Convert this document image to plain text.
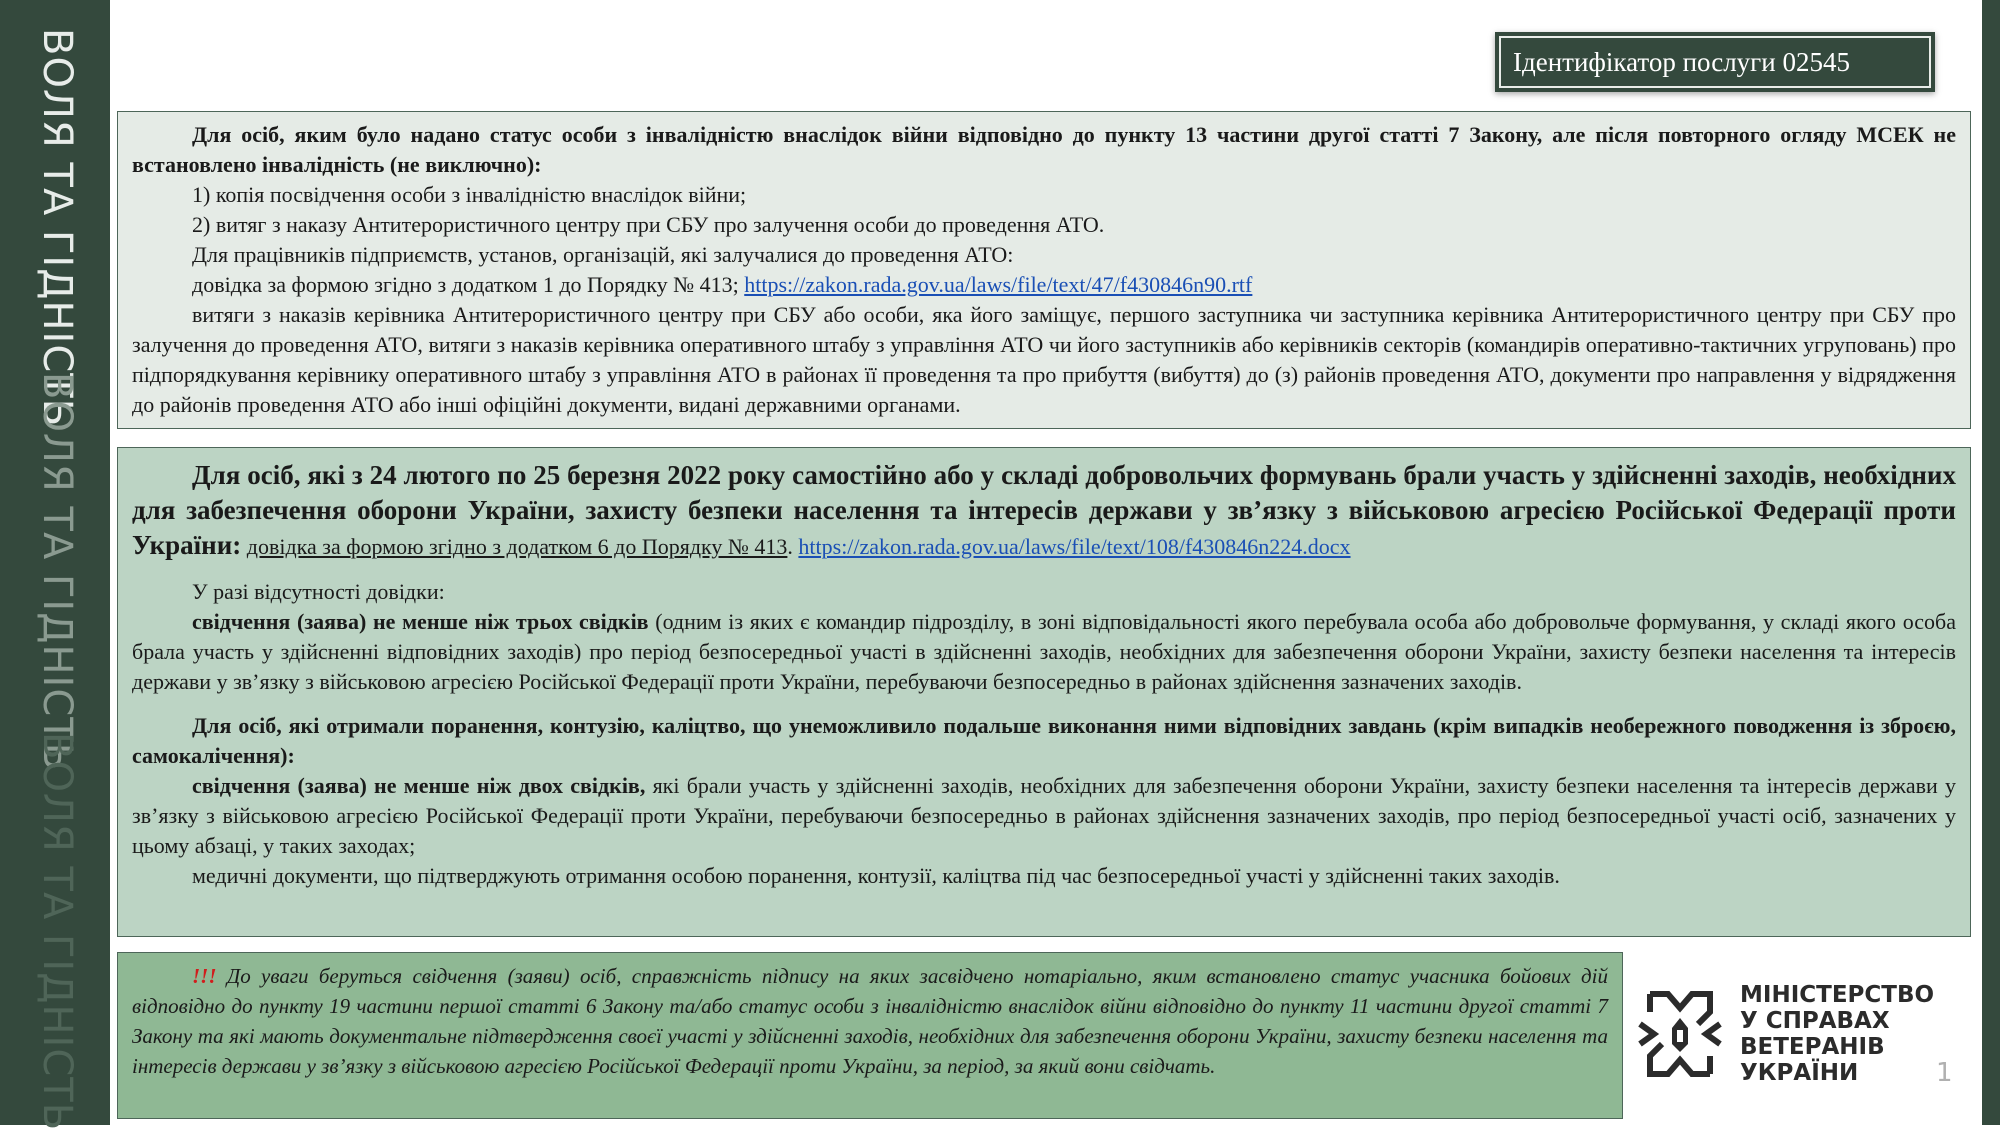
ВОЛЯ ТА ГІДНІСТЬ
ВОЛЯ ТА ГІДНІСТЬ
ВОЛЯ ТА ГІДНІСТЬ
Ідентифікатор послуги 02545

Для осіб, яким було надано статус особи з інвалідністю внаслідок війни відповідно до пункту 13 частини другої статті 7 Закону, але після повторного огляду МСЕК не встановлено інвалідність (не виключно):

1) копія посвідчення особи з інвалідністю внаслідок війни;

2) витяг з наказу Антитерористичного центру при СБУ про залучення особи до проведення АТО.

Для працівників підприємств, установ, організацій, які залучалися до проведення АТО:

довідка за формою згідно з додатком 1 до Порядку № 413; https://zakon.rada.gov.ua/laws/file/text/47/f430846n90.rtf

витяги з наказів керівника Антитерористичного центру при СБУ або особи, яка його заміщує, першого заступника чи заступника керівника Антитерористичного центру при СБУ про залучення до проведення АТО, витяги з наказів керівника оперативного штабу з управління АТО чи його заступників або керівників секторів (командирів оперативно-тактичних угруповань) про підпорядкування керівнику оперативного штабу з управління АТО в районах її проведення та про прибуття (вибуття) до (з) районів проведення АТО, документи про направлення у відрядження до районів проведення АТО або інші офіційні документи, видані державними органами.

Для осіб, які з 24 лютого по 25 березня 2022 року самостійно або у складі добровольчих формувань брали участь у здійсненні заходів, необхідних для забезпечення оборони України, захисту безпеки населення та інтересів держави у зв’язку з військовою агресією Російської Федерації проти України: довідка за формою згідно з додатком 6 до Порядку № 413. https://zakon.rada.gov.ua/laws/file/text/108/f430846n224.docx

У разі відсутності довідки:

свідчення (заява) не менше ніж трьох свідків (одним із яких є командир підрозділу, в зоні відповідальності якого перебувала особа або добровольче формування, у складі якого особа брала участь у здійсненні відповідних заходів) про період безпосередньої участі в здійсненні заходів, необхідних для забезпечення оборони України, захисту безпеки населення та інтересів держави у зв’язку з військовою агресією Російської Федерації проти України, перебуваючи безпосередньо в районах здійснення зазначених заходів.

Для осіб, які отримали поранення, контузію, каліцтво, що унеможливило подальше виконання ними відповідних завдань (крім випадків необережного поводження із зброєю, самокалічення):

свідчення (заява) не менше ніж двох свідків, які брали участь у здійсненні заходів, необхідних для забезпечення оборони України, захисту безпеки населення та інтересів держави у зв’язку з військовою агресією Російської Федерації проти України, перебуваючи безпосередньо в районах здійснення зазначених заходів, про період безпосередньої участі осіб, зазначених у цьому абзаці, у таких заходах;

медичні документи, що підтверджують отримання особою поранення, контузії, каліцтва під час безпосередньої участі у здійсненні таких заходів.

!!! До уваги беруться свідчення (заяви) осіб, справжність підпису на яких засвідчено нотаріально, яким встановлено статус учасника бойових дій відповідно до пункту 19 частини першої статті 6 Закону та/або статус особи з інвалідністю внаслідок війни відповідно до пункту 11 частини другої статті 7 Закону та які мають документальне підтвердження своєї участі у здійсненні заходів, необхідних для забезпечення оборони України, захисту безпеки населення та інтересів держави у зв’язку з військовою агресією Російської Федерації проти України, за період, за який вони свідчать.

МІНІСТЕРСТВО
У СПРАВАХ
ВЕТЕРАНІВ
УКРАЇНИ	1
